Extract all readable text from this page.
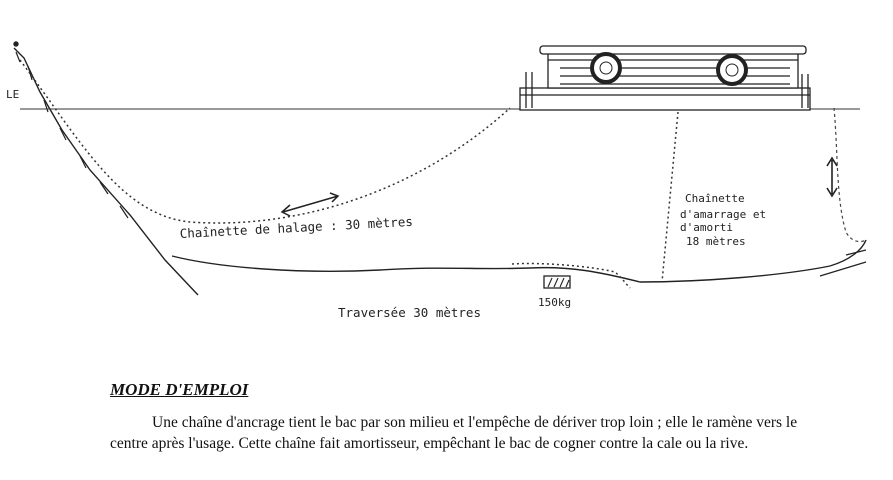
LE
Chaînette de halage : 30 mètres
Chaînette
d'amarrage et
d'amorti
18 mètres
Traversée 30 mètres
150kg
MODE D'EMPLOI

Une chaîne d'ancrage tient le bac par son milieu et l'empêche de dériver trop loin ; elle le ramène vers le centre après l'usage. Cette chaîne fait amortisseur, empêchant le bac de cogner contre la cale ou la rive.
